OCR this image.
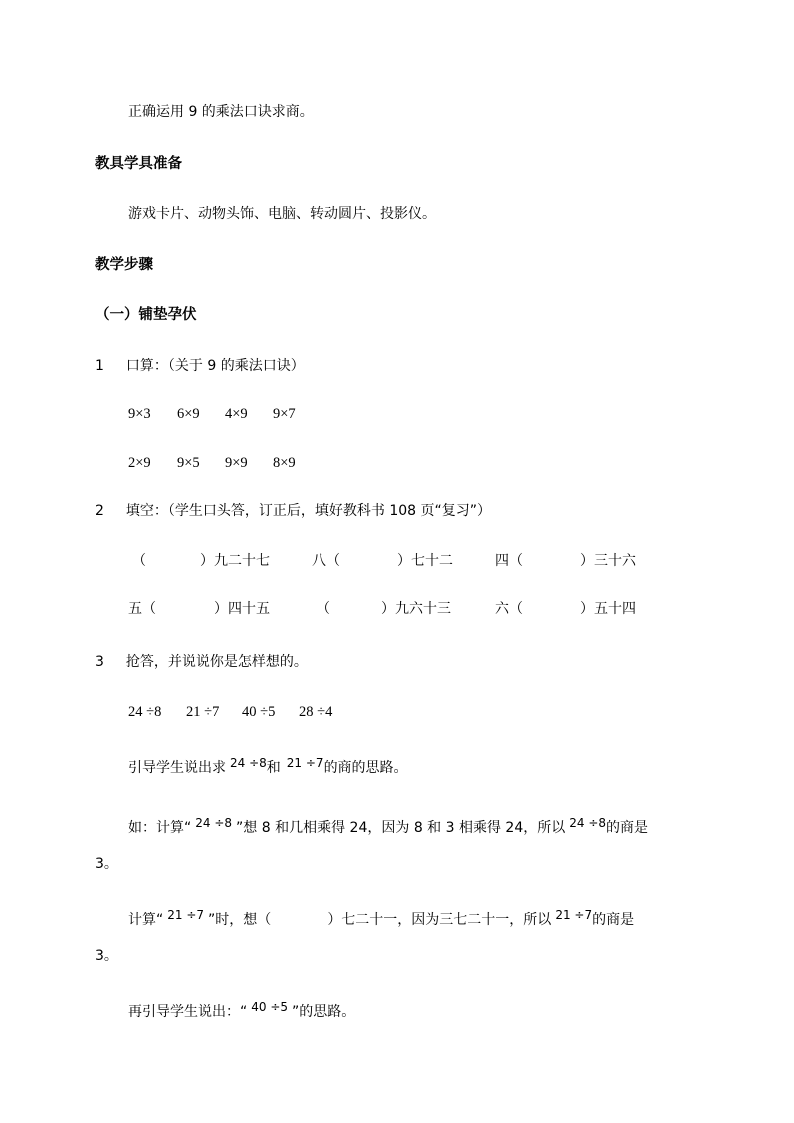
正确运用 9 的乘法口诀求商。
教具学具准备
游戏卡片、动物头饰、电脑、转动圆片、投影仪。
教学步骤
（一）铺垫孕伏
1 口算：（关于 9 的乘法口诀）
9×3 6×9 4×9 9×7
2×9 9×5 9×9 8×9
2 填空：（学生口头答，订正后，填好教科书 108 页“复习”）
（	）九二十七	八（	）七十二	四（	）三十六
五（	）四十五	（	）九六十三	六（	）五十四
3 抢答，并说说你是怎样想的。
24 ÷8 21 ÷7 40 ÷5 28 ÷4
引导学生说出求 24 ÷8和 21 ÷7的商的思路。
如：计算“ 24 ÷8 ”想 8 和几相乘得 24，因为 8 和 3 相乘得 24，所以 24 ÷8的商是
3。
计算“ 21 ÷7 ”时，想（	）七二十一，因为三七二十一，所以 21 ÷7的商是
3。
再引导学生说出：“ 40 ÷5 ”的思路。
